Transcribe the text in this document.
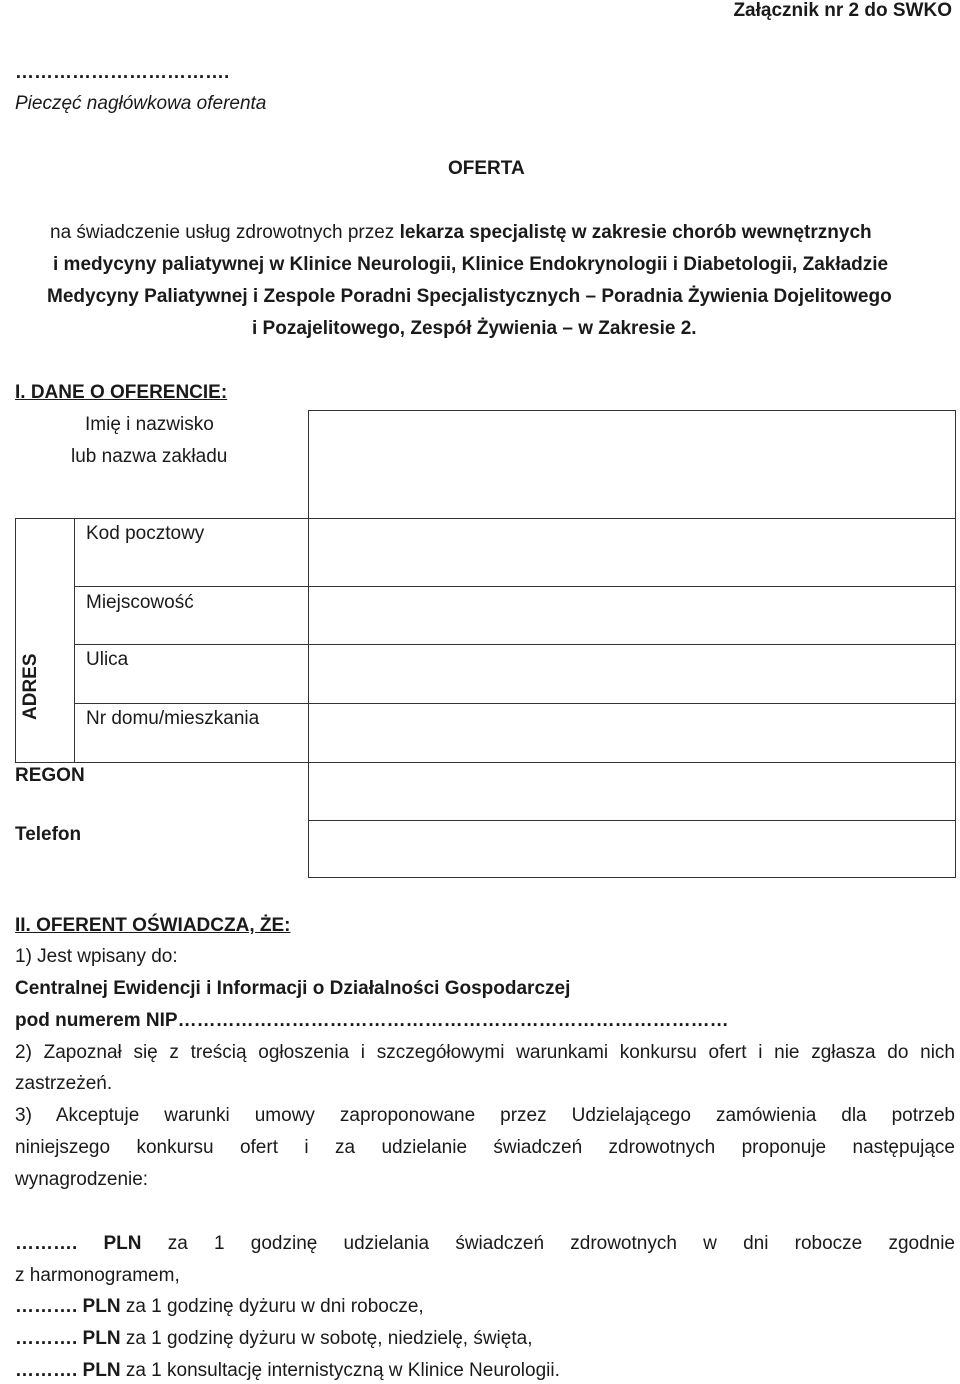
Załącznik nr 2 do SWKO
…………………………….
Pieczęć nagłówkowa oferenta
OFERTA
na świadczenie usług zdrowotnych przez lekarza specjalistę w zakresie chorób wewnętrznych
i medycyny paliatywnej w Klinice Neurologii, Klinice Endokrynologii i Diabetologii, Zakładzie
Medycyny Paliatywnej i Zespole Poradni Specjalistycznych – Poradnia Żywienia Dojelitowego
i Pozajelitowego, Zespół Żywienia – w Zakresie 2.
I. DANE O OFERENCIE:
Imię i nazwisko
lub nazwa zakładu
ADRES
Kod pocztowy
Miejscowość
Ulica
Nr domu/mieszkania
REGON
Telefon
II. OFERENT OŚWIADCZA, ŻE:
1) Jest wpisany do:
Centralnej Ewidencji i Informacji o Działalności Gospodarczej
pod numerem NIP……………………………………………………………………………
2) Zapoznał się z treścią ogłoszenia i szczegółowymi warunkami konkursu ofert i nie zgłasza do nich
zastrzeżeń.
3) Akceptuje warunki umowy zaproponowane przez Udzielającego zamówienia dla potrzeb
niniejszego konkursu ofert i za udzielanie świadczeń zdrowotnych proponuje następujące
wynagrodzenie:
………. PLN za 1 godzinę udzielania świadczeń zdrowotnych w dni robocze zgodnie
z harmonogramem,
………. PLN za 1 godzinę dyżuru w dni robocze,
………. PLN za 1 godzinę dyżuru w sobotę, niedzielę, święta,
………. PLN za 1 konsultację internistyczną w Klinice Neurologii.
